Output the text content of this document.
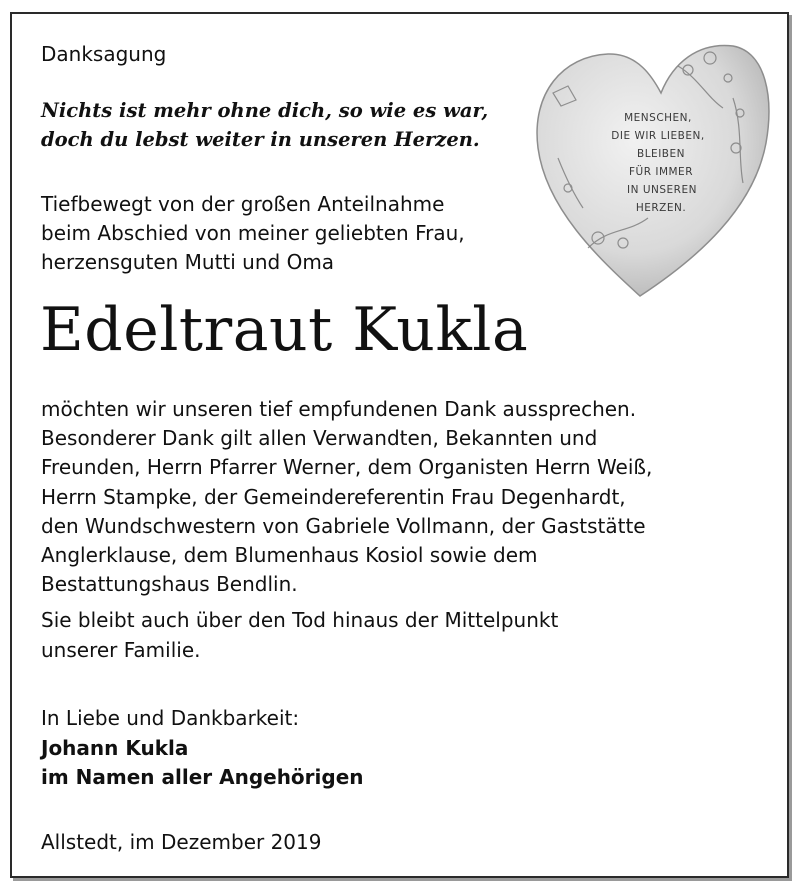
Danksagung
Nichts ist mehr ohne dich, so wie es war,
doch du lebst weiter in unseren Herzen.
Tiefbewegt von der großen Anteilnahme
beim Abschied von meiner geliebten Frau,
herzensguten Mutti und Oma
Edeltraut Kukla
möchten wir unseren tief empfundenen Dank aussprechen.
Besonderer Dank gilt allen Verwandten, Bekannten und
Freunden, Herrn Pfarrer Werner, dem Organisten Herrn Weiß,
Herrn Stampke, der Gemeindereferentin Frau Degenhardt,
den Wundschwestern von Gabriele Vollmann, der Gaststätte
Anglerklause, dem Blumenhaus Kosiol sowie dem
Bestattungshaus Bendlin.
Sie bleibt auch über den Tod hinaus der Mittelpunkt
unserer Familie.
In Liebe und Dankbarkeit:
Johann Kukla
im Namen aller Angehörigen
Allstedt, im Dezember 2019
MENSCHEN,
DIE WIR LIEBEN,
BLEIBEN
FÜR IMMER
IN UNSEREN
HERZEN.
